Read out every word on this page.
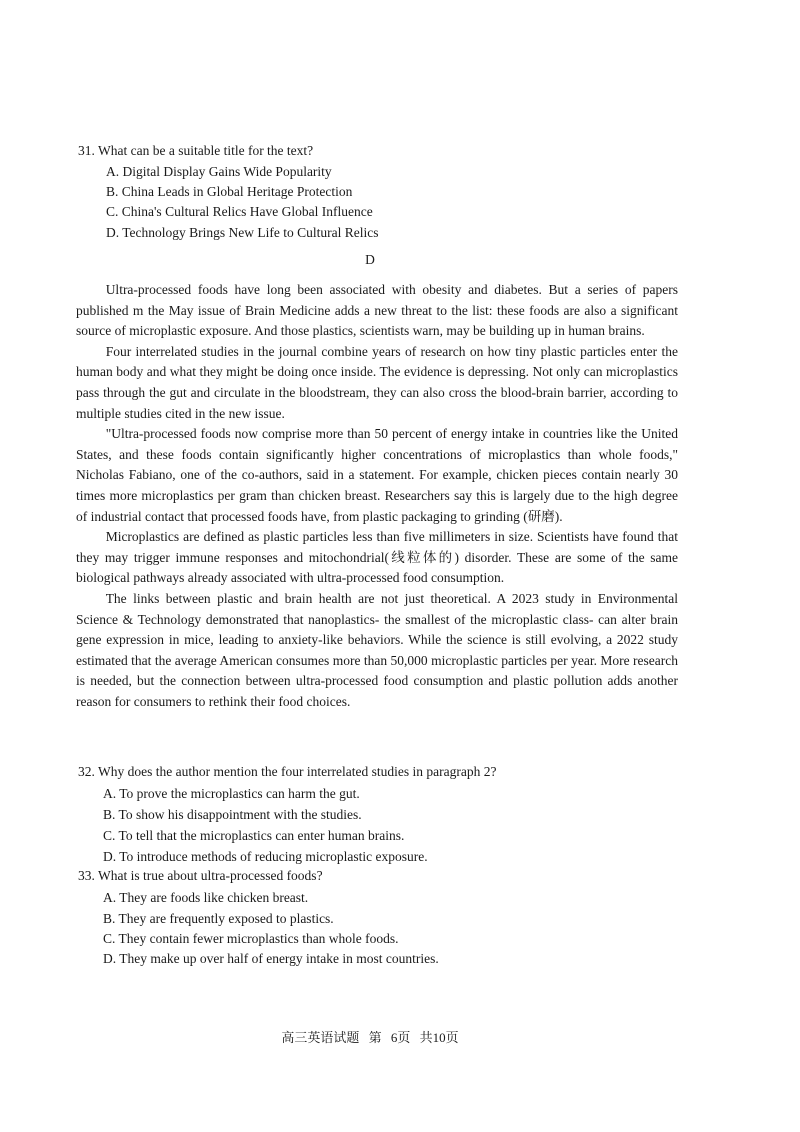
31. What can be a suitable title for the text?
A. Digital Display Gains Wide Popularity
B. China Leads in Global Heritage Protection
C. China's Cultural Relics Have Global Influence
D. Technology Brings New Life to Cultural Relics
D

Ultra-processed foods have long been associated with obesity and diabetes. But a series of papers published m the May issue of Brain Medicine adds a new threat to the list: these foods are also a significant source of microplastic exposure. And those plastics, scientists warn, may be building up in human brains.

Four interrelated studies in the journal combine years of research on how tiny plastic particles enter the human body and what they might be doing once inside. The evidence is depressing. Not only can microplastics pass through the gut and circulate in the bloodstream, they can also cross the blood-brain barrier, according to multiple studies cited in the new issue.

"Ultra-processed foods now comprise more than 50 percent of energy intake in countries like the United States, and these foods contain significantly higher concentrations of microplastics than whole foods," Nicholas Fabiano, one of the co-authors, said in a statement. For example, chicken pieces contain nearly 30 times more microplastics per gram than chicken breast. Researchers say this is largely due to the high degree of industrial contact that processed foods have, from plastic packaging to grinding (研磨).

Microplastics are defined as plastic particles less than five millimeters in size. Scientists have found that they may trigger immune responses and mitochondrial(线粒体的) disorder. These are some of the same biological pathways already associated with ultra-processed food consumption.

The links between plastic and brain health are not just theoretical. A 2023 study in Environmental Science & Technology demonstrated that nanoplastics- the smallest of the microplastic class- can alter brain gene expression in mice, leading to anxiety-like behaviors. While the science is still evolving, a 2022 study estimated that the average American consumes more than 50,000 microplastic particles per year. More research is needed, but the connection between ultra-processed food consumption and plastic pollution adds another reason for consumers to rethink their food choices.

32. Why does the author mention the four interrelated studies in paragraph 2?
A. To prove the microplastics can harm the gut.
B. To show his disappointment with the studies.
C. To tell that the microplastics can enter human brains.
D. To introduce methods of reducing microplastic exposure.
33. What is true about ultra-processed foods?
A. They are foods like chicken breast.
B. They are frequently exposed to plastics.
C. They contain fewer microplastics than whole foods.
D. They make up over half of energy intake in most countries.
高三英语试题 第 6页 共10页
